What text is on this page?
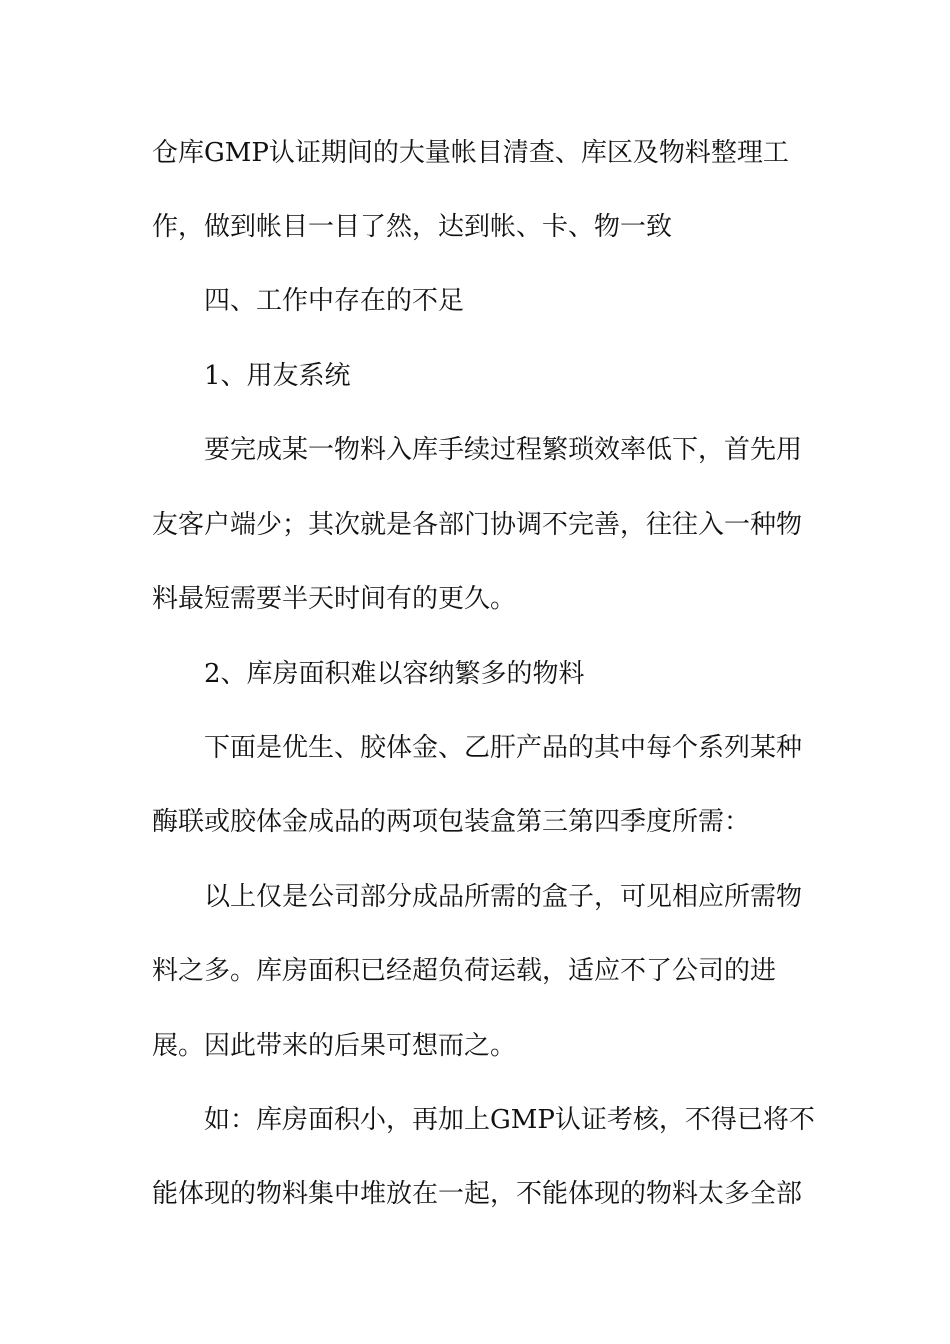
仓库GMP认证期间的大量帐目清查、库区及物料整理工
作，做到帐目一目了然，达到帐、卡、物一致
四、工作中存在的不足
1、用友系统
要完成某一物料入库手续过程繁琐效率低下，首先用
友客户端少；其次就是各部门协调不完善，往往入一种物
料最短需要半天时间有的更久。
2、库房面积难以容纳繁多的物料
下面是优生、胶体金、乙肝产品的其中每个系列某种
酶联或胶体金成品的两项包装盒第三第四季度所需：
以上仅是公司部分成品所需的盒子，可见相应所需物
料之多。库房面积已经超负荷运载，适应不了公司的进
展。因此带来的后果可想而之。
如：库房面积小，再加上GMP认证考核，不得已将不
能体现的物料集中堆放在一起，不能体现的物料太多全部
